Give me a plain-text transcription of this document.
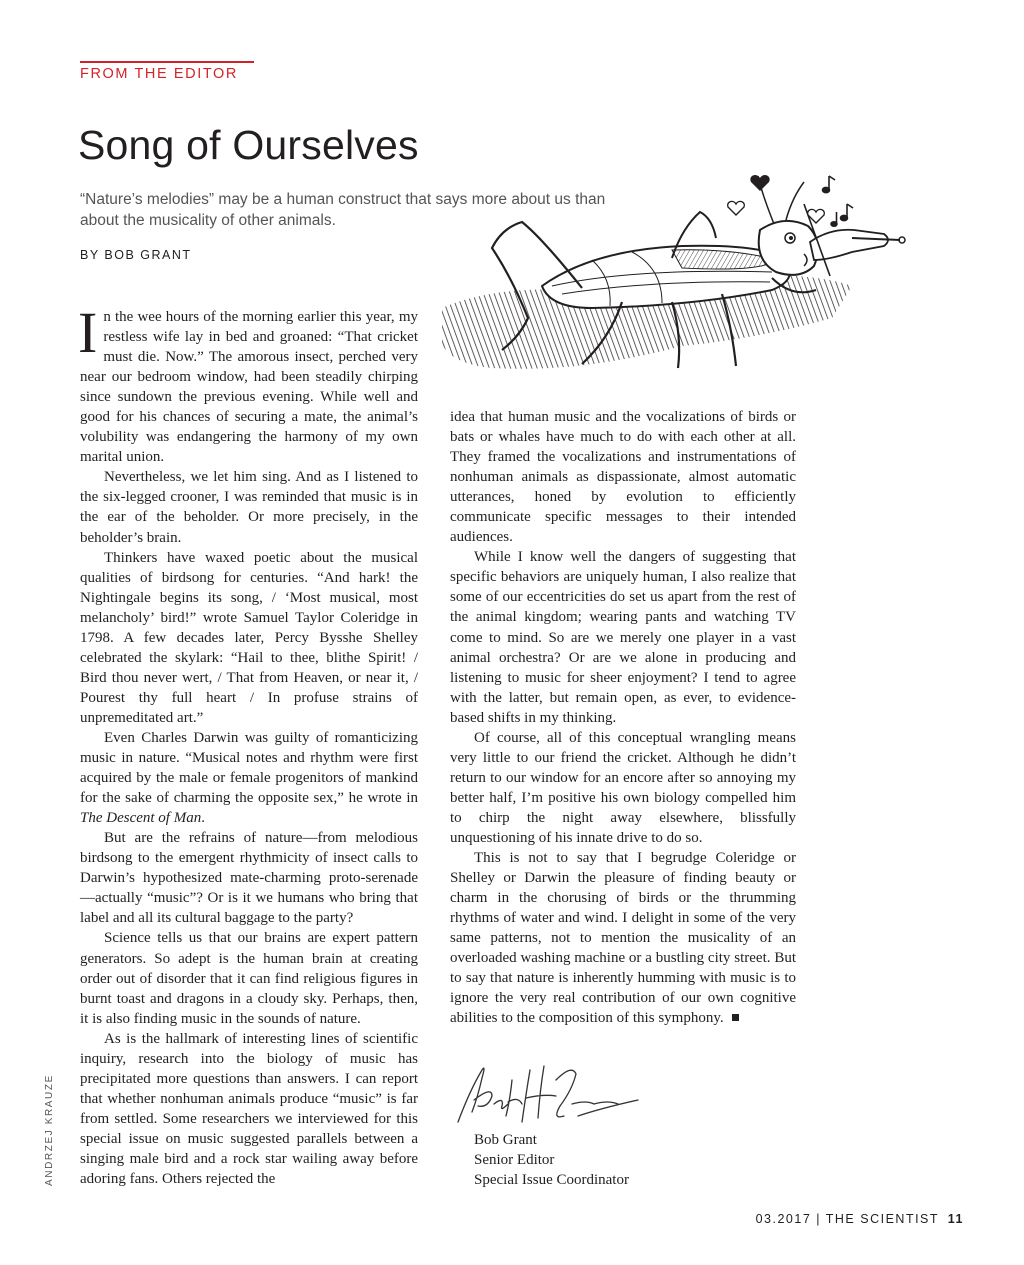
FROM THE EDITOR
Song of Ourselves
“Nature’s melodies” may be a human construct that says more about us than about the musicality of other animals.
BY BOB GRANT
ANDRZEJ KRAUZE

In the wee hours of the morning earlier this year, my restless wife lay in bed and groaned: “That cricket must die. Now.” The amorous insect, perched very near our bedroom window, had been steadily chirping since sundown the previous evening. While well and good for his chances of securing a mate, the animal’s volubility was endangering the harmony of my own marital union.

Nevertheless, we let him sing. And as I listened to the six-legged crooner, I was reminded that music is in the ear of the beholder. Or more precisely, in the beholder’s brain.

Thinkers have waxed poetic about the musical qualities of birdsong for centuries. “And hark! the Nightingale begins its song, / ‘Most musical, most melancholy’ bird!” wrote Samuel Taylor Coleridge in 1798. A few decades later, Percy Bysshe Shelley celebrated the skylark: “Hail to thee, blithe Spirit! / Bird thou never wert, / That from Heaven, or near it, / Pourest thy full heart / In profuse strains of unpremeditated art.”

Even Charles Darwin was guilty of romanticizing music in nature. “Musical notes and rhythm were first acquired by the male or female progenitors of mankind for the sake of charming the opposite sex,” he wrote in The Descent of Man.

But are the refrains of nature—from melodious birdsong to the emergent rhythmicity of insect calls to Darwin’s hypothesized mate-charming proto-serenade—actually “music”? Or is it we humans who bring that label and all its cultural baggage to the party?

Science tells us that our brains are expert pattern generators. So adept is the human brain at creating order out of disorder that it can find religious figures in burnt toast and dragons in a cloudy sky. Perhaps, then, it is also finding music in the sounds of nature.

As is the hallmark of interesting lines of scientific inquiry, research into the biology of music has precipitated more questions than answers. I can report that whether nonhuman animals produce “music” is far from settled. Some researchers we interviewed for this special issue on music suggested parallels between a singing male bird and a rock star wailing away before adoring fans. Others rejected the

idea that human music and the vocalizations of birds or bats or whales have much to do with each other at all. They framed the vocalizations and instrumentations of nonhuman animals as dispassionate, almost automatic utterances, honed by evolution to efficiently communicate specific messages to their intended audiences.

While I know well the dangers of suggesting that specific behaviors are uniquely human, I also realize that some of our eccentricities do set us apart from the rest of the animal kingdom; wearing pants and watching TV come to mind. So are we merely one player in a vast animal orchestra? Or are we alone in producing and listening to music for sheer enjoyment? I tend to agree with the latter, but remain open, as ever, to evidence-based shifts in my thinking.

Of course, all of this conceptual wrangling means very little to our friend the cricket. Although he didn’t return to our window for an encore after so annoying my better half, I’m positive his own biology compelled him to chirp the night away elsewhere, blissfully unquestioning of his innate drive to do so.

This is not to say that I begrudge Coleridge or Shelley or Darwin the pleasure of finding beauty or charm in the chorusing of birds or the thrumming rhythms of water and wind. I delight in some of the very same patterns, not to mention the musicality of an overloaded washing machine or a bustling city street. But to say that nature is inherently humming with music is to ignore the very real contribution of our own cognitive abilities to the composition of this symphony.

Bob Grant
Senior Editor
Special Issue Coordinator
03.2017 | THE SCIENTIST 11
